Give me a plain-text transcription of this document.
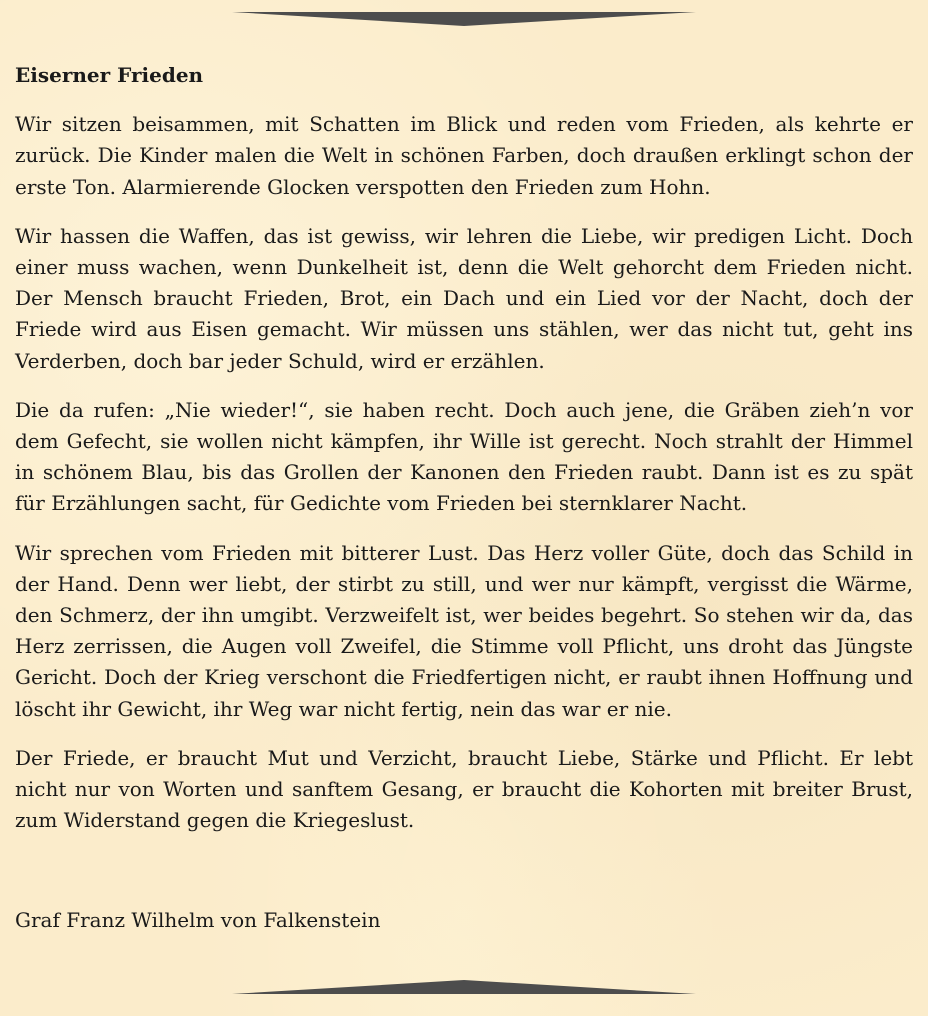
Eiserner Frieden

Wir sitzen beisammen, mit Schatten im Blick und reden vom Frieden, als kehrte er zurück. Die Kinder malen die Welt in schönen Farben, doch draußen erklingt schon der erste Ton. Alarmierende Glocken verspotten den Frieden zum Hohn.

Wir hassen die Waffen, das ist gewiss, wir lehren die Liebe, wir predigen Licht. Doch einer muss wachen, wenn Dunkelheit ist, denn die Welt gehorcht dem Frieden nicht. Der Mensch braucht Frieden, Brot, ein Dach und ein Lied vor der Nacht, doch der Friede wird aus Eisen gemacht. Wir müssen uns stählen, wer das nicht tut, geht ins Verderben, doch bar jeder Schuld, wird er erzählen.

Die da rufen: „Nie wieder!“, sie haben recht. Doch auch jene, die Gräben zieh’n vor dem Gefecht, sie wollen nicht kämpfen, ihr Wille ist gerecht. Noch strahlt der Himmel in schönem Blau, bis das Grollen der Kanonen den Frieden raubt. Dann ist es zu spät für Erzählungen sacht, für Gedichte vom Frieden bei sternklarer Nacht.

Wir sprechen vom Frieden mit bitterer Lust. Das Herz voller Güte, doch das Schild in der Hand. Denn wer liebt, der stirbt zu still, und wer nur kämpft, vergisst die Wärme, den Schmerz, der ihn umgibt. Verzweifelt ist, wer beides begehrt. So stehen wir da, das Herz zerrissen, die Augen voll Zweifel, die Stimme voll Pflicht, uns droht das Jüngste Gericht. Doch der Krieg verschont die Friedfertigen nicht, er raubt ihnen Hoffnung und löscht ihr Gewicht, ihr Weg war nicht fertig, nein das war er nie.

Der Friede, er braucht Mut und Verzicht, braucht Liebe, Stärke und Pflicht. Er lebt nicht nur von Worten und sanftem Gesang, er braucht die Kohorten mit breiter Brust, zum Widerstand gegen die Kriegeslust.

Graf Franz Wilhelm von Falkenstein
